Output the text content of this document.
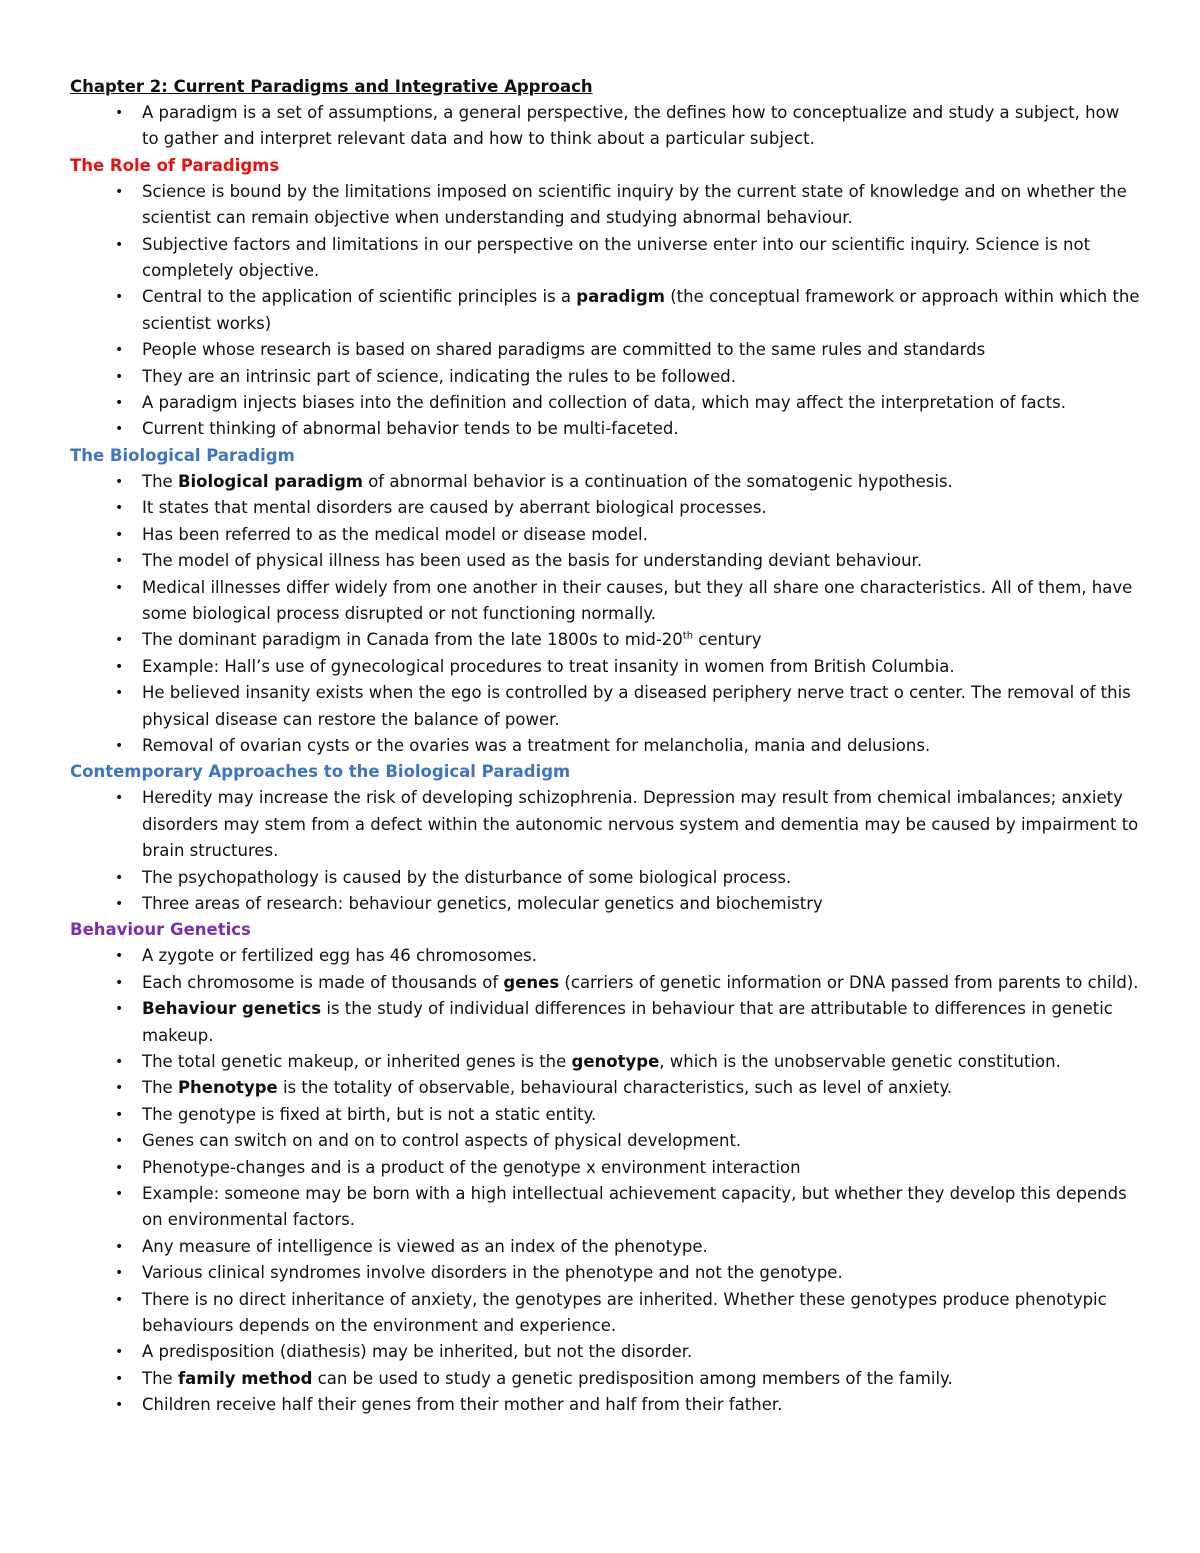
Chapter 2: Current Paradigms and Integrative Approach
• A paradigm is a set of assumptions, a general perspective, the defines how to conceptualize and study a subject, how to gather and interpret relevant data and how to think about a particular subject.
The Role of Paradigms
• Science is bound by the limitations imposed on scientific inquiry by the current state of knowledge and on whether the scientist can remain objective when understanding and studying abnormal behaviour.
• Subjective factors and limitations in our perspective on the universe enter into our scientific inquiry. Science is not completely objective.
• Central to the application of scientific principles is a paradigm (the conceptual framework or approach within which the scientist works)
• People whose research is based on shared paradigms are committed to the same rules and standards
• They are an intrinsic part of science, indicating the rules to be followed.
• A paradigm injects biases into the definition and collection of data, which may affect the interpretation of facts.
• Current thinking of abnormal behavior tends to be multi-faceted.
The Biological Paradigm
• The Biological paradigm of abnormal behavior is a continuation of the somatogenic hypothesis.
• It states that mental disorders are caused by aberrant biological processes.
• Has been referred to as the medical model or disease model.
• The model of physical illness has been used as the basis for understanding deviant behaviour.
• Medical illnesses differ widely from one another in their causes, but they all share one characteristics. All of them, have some biological process disrupted or not functioning normally.
• The dominant paradigm in Canada from the late 1800s to mid-20th century
• Example: Hall’s use of gynecological procedures to treat insanity in women from British Columbia.
• He believed insanity exists when the ego is controlled by a diseased periphery nerve tract o center. The removal of this physical disease can restore the balance of power.
• Removal of ovarian cysts or the ovaries was a treatment for melancholia, mania and delusions.
Contemporary Approaches to the Biological Paradigm
• Heredity may increase the risk of developing schizophrenia. Depression may result from chemical imbalances; anxiety disorders may stem from a defect within the autonomic nervous system and dementia may be caused by impairment to brain structures.
• The psychopathology is caused by the disturbance of some biological process.
• Three areas of research: behaviour genetics, molecular genetics and biochemistry
Behaviour Genetics
• A zygote or fertilized egg has 46 chromosomes.
• Each chromosome is made of thousands of genes (carriers of genetic information or DNA passed from parents to child).
• Behaviour genetics is the study of individual differences in behaviour that are attributable to differences in genetic makeup.
• The total genetic makeup, or inherited genes is the genotype, which is the unobservable genetic constitution.
• The Phenotype is the totality of observable, behavioural characteristics, such as level of anxiety.
• The genotype is fixed at birth, but is not a static entity.
• Genes can switch on and on to control aspects of physical development.
• Phenotype-changes and is a product of the genotype x environment interaction
• Example: someone may be born with a high intellectual achievement capacity, but whether they develop this depends on environmental factors.
• Any measure of intelligence is viewed as an index of the phenotype.
• Various clinical syndromes involve disorders in the phenotype and not the genotype.
• There is no direct inheritance of anxiety, the genotypes are inherited. Whether these genotypes produce phenotypic behaviours depends on the environment and experience.
• A predisposition (diathesis) may be inherited, but not the disorder.
• The family method can be used to study a genetic predisposition among members of the family.
• Children receive half their genes from their mother and half from their father.
